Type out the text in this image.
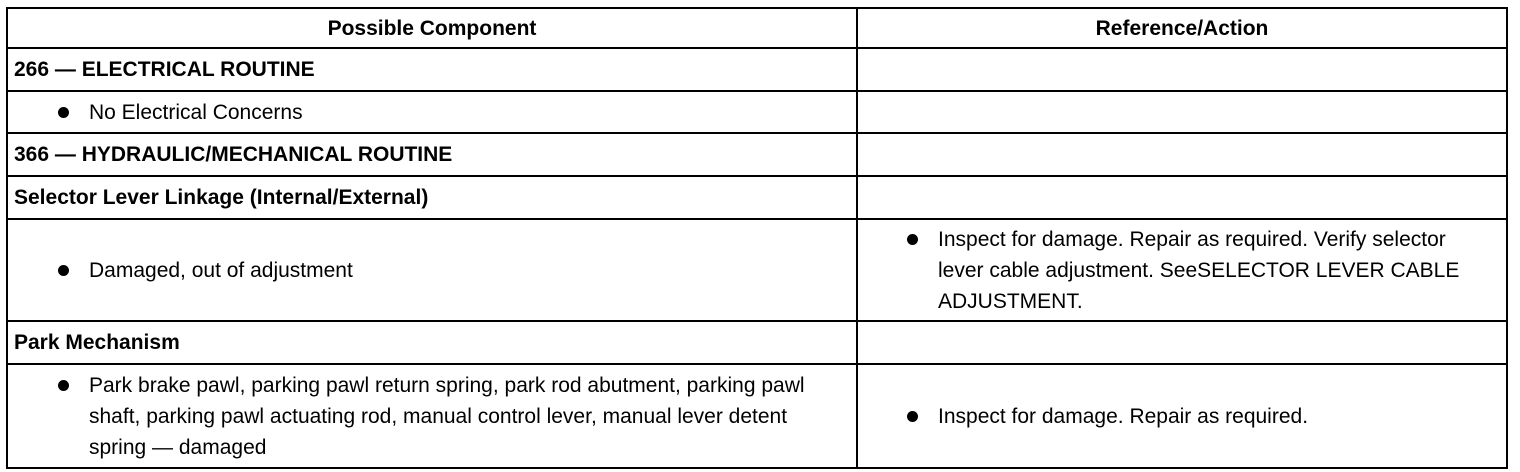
Possible Component	Reference/Action
266 — ELECTRICAL ROUTINE	

No Electrical Concerns	

366 — HYDRAULIC/MECHANICAL ROUTINE	
Selector Lever Linkage (Internal/External)	

Damaged, out of adjustment	Inspect for damage. Repair as required. Verify selector lever cable adjustment. SeeSELECTOR LEVER CABLE ADJUSTMENT.

Park Mechanism	

Park brake pawl, parking pawl return spring, park rod abutment, parking pawl shaft, parking pawl actuating rod, manual control lever, manual lever detent spring — damaged	Inspect for damage. Repair as required.
